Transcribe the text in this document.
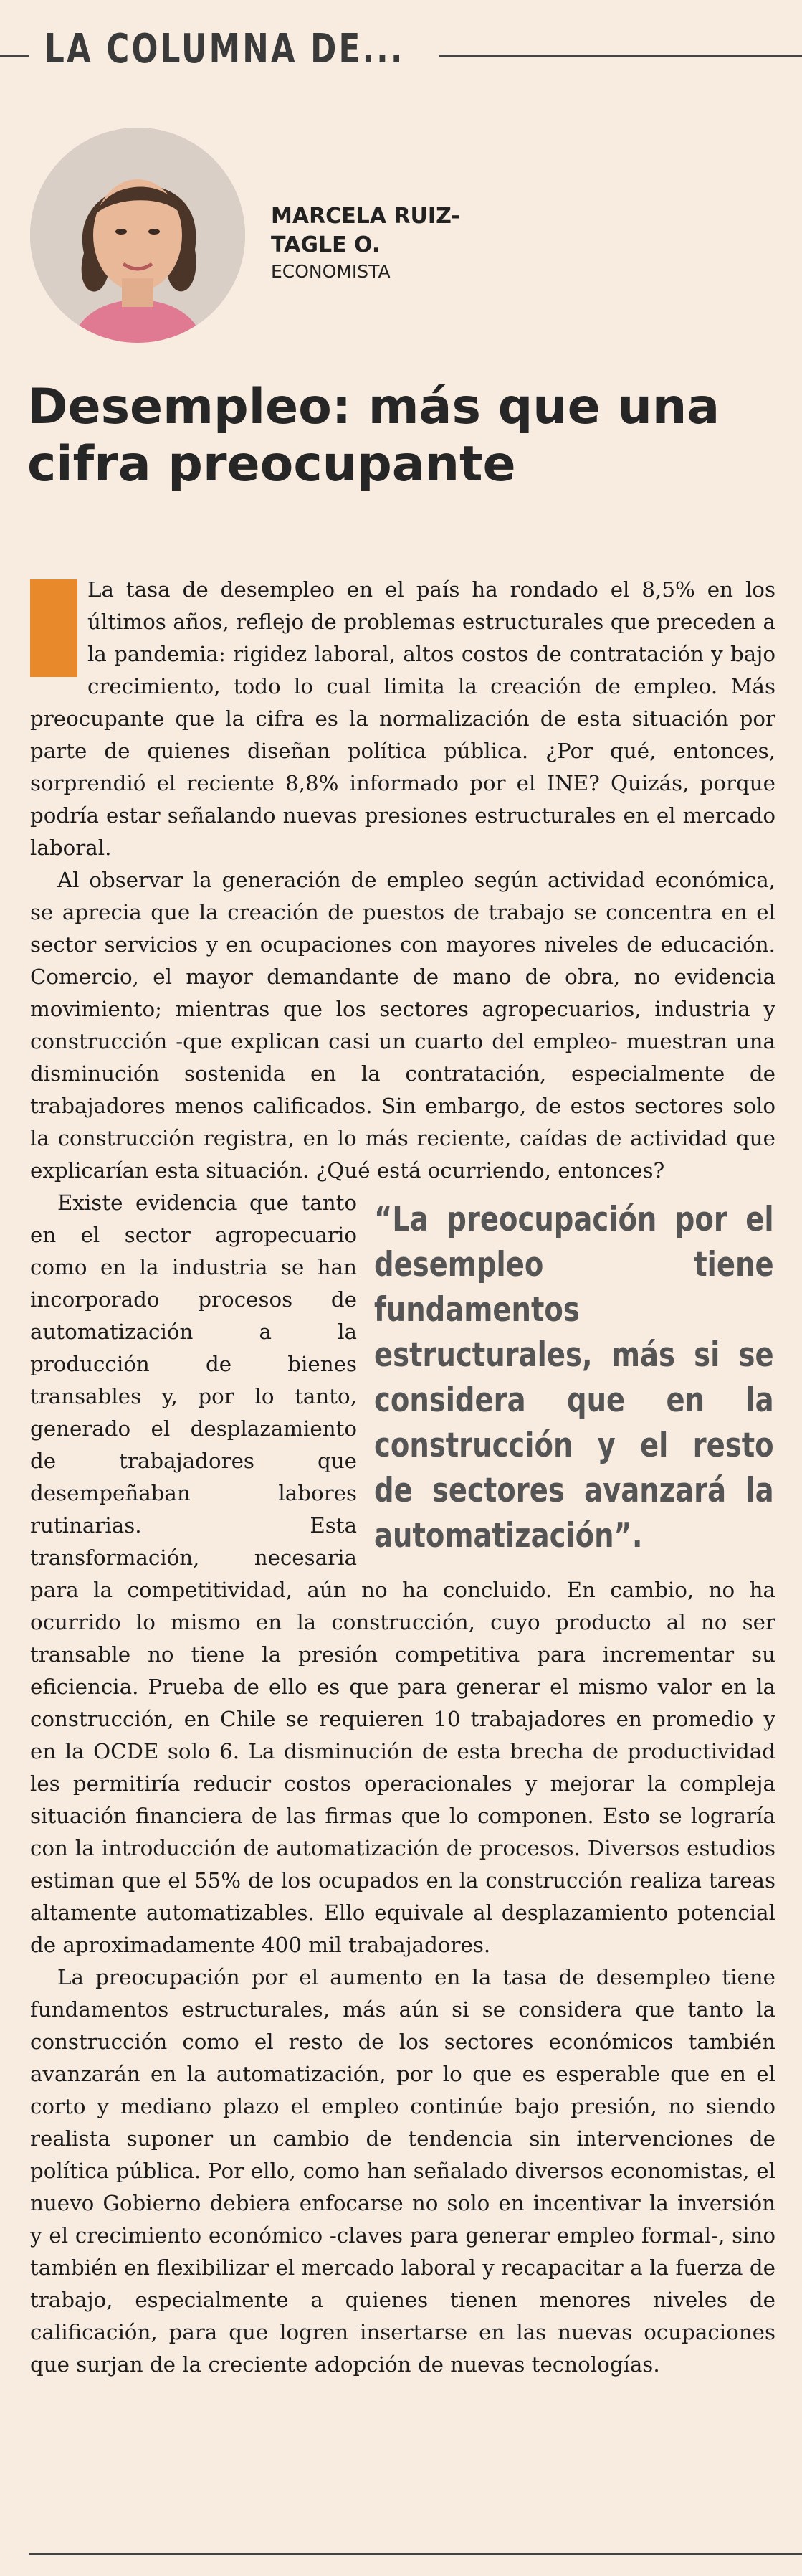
LA COLUMNA DE...
MARCELA RUIZ-TAGLE O.
ECONOMISTA
Desempleo: más que una cifra preocupante

La tasa de desempleo en el país ha rondado el 8,5% en los últimos años, reflejo de problemas estructurales que preceden a la pandemia: rigidez laboral, altos costos de contratación y bajo crecimiento, todo lo cual limita la creación de empleo. Más preocupante que la cifra es la normalización de esta situación por parte de quienes diseñan política pública. ¿Por qué, entonces, sorprendió el reciente 8,8% informado por el INE? Quizás, porque podría estar señalando nuevas presiones estructurales en el mercado laboral.

Al observar la generación de empleo según actividad económica, se aprecia que la creación de puestos de trabajo se concentra en el sector servicios y en ocupaciones con mayores niveles de educación. Comercio, el mayor demandante de mano de obra, no evidencia movimiento; mientras que los sectores agropecuarios, industria y construcción -que explican casi un cuarto del empleo- muestran una disminución sostenida en la contratación, especialmente de trabajadores menos calificados. Sin embargo, de estos sectores solo la construcción registra, en lo más reciente, caídas de actividad que explicarían esta situación. ¿Qué está ocurriendo, entonces?

“La preocupación por el desempleo tiene fundamentos estructurales, más si se considera que en la construcción y el resto de sectores avanzará la automatización”.

Existe evidencia que tanto en el sector agropecuario como en la industria se han incorporado procesos de automatización a la producción de bienes transables y, por lo tanto, generado el desplazamiento de trabajadores que desempeñaban labores rutinarias. Esta transformación, necesaria para la competitividad, aún no ha concluido. En cambio, no ha ocurrido lo mismo en la construcción, cuyo producto al no ser transable no tiene la presión competitiva para incrementar su eficiencia. Prueba de ello es que para generar el mismo valor en la construcción, en Chile se requieren 10 trabajadores en promedio y en la OCDE solo 6. La disminución de esta brecha de productividad les permitiría reducir costos operacionales y mejorar la compleja situación financiera de las firmas que lo componen. Esto se lograría con la introducción de automatización de procesos. Diversos estudios estiman que el 55% de los ocupados en la construcción realiza tareas altamente automatizables. Ello equivale al desplazamiento potencial de aproximadamente 400 mil trabajadores.

La preocupación por el aumento en la tasa de desempleo tiene fundamentos estructurales, más aún si se considera que tanto la construcción como el resto de los sectores económicos también avanzarán en la automatización, por lo que es esperable que en el corto y mediano plazo el empleo continúe bajo presión, no siendo realista suponer un cambio de tendencia sin intervenciones de política pública. Por ello, como han señalado diversos economistas, el nuevo Gobierno debiera enfocarse no solo en incentivar la inversión y el crecimiento económico -claves para generar empleo formal-, sino también en flexibilizar el mercado laboral y recapacitar a la fuerza de trabajo, especialmente a quienes tienen menores niveles de calificación, para que logren insertarse en las nuevas ocupaciones que surjan de la creciente adopción de nuevas tecnologías.
